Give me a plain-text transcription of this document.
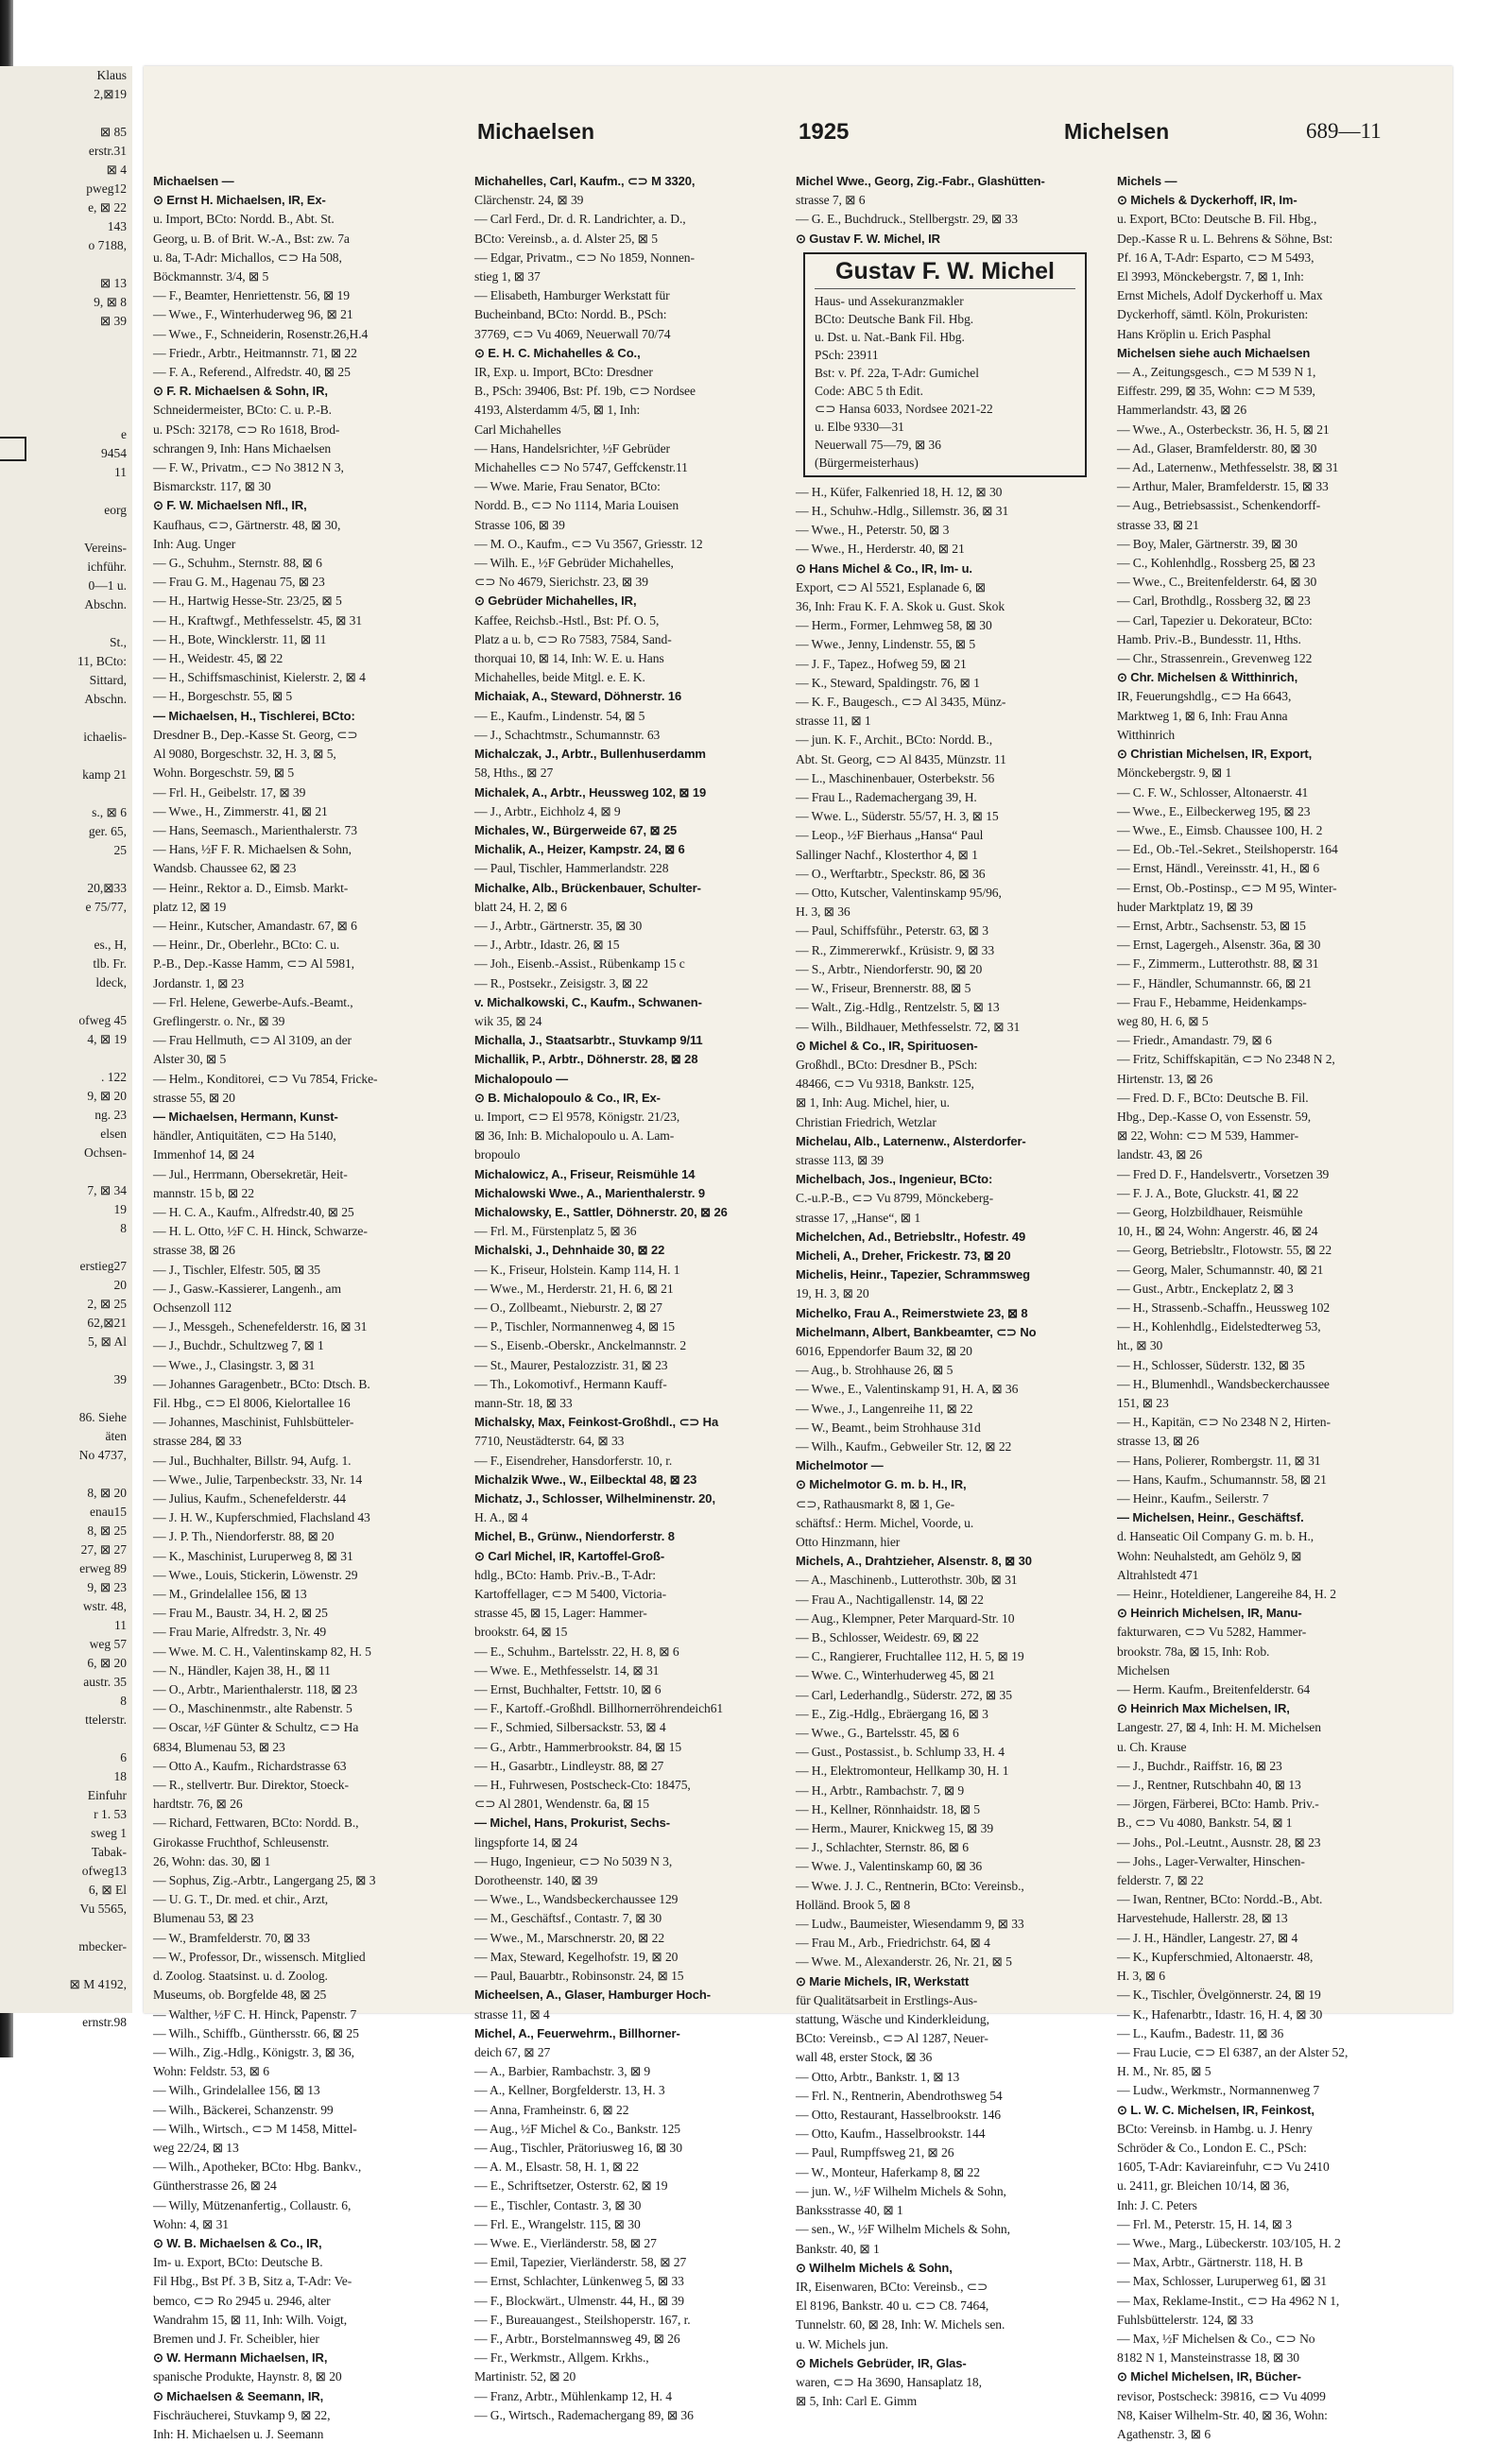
Klaus
2,⊠19

⊠ 85
erstr.31
⊠ 4
pweg12
e, ⊠ 22
143
o 7188,

⊠ 13
9, ⊠ 8
⊠ 39

e
9454
11

eorg

Vereins-
ichführ.
0—1 u.
Abschn.

St.,
11, BCto:
Sittard,
Abschn.

ichaelis-

kamp 21

s., ⊠ 6
ger. 65,
25

20,⊠33
e 75/77,

es., H,
tlb. Fr.
ldeck,

ofweg 45
4, ⊠ 19

. 122
9, ⊠ 20
ng. 23
elsen
Ochsen-

7, ⊠ 34
19
8

erstieg27
20
2, ⊠ 25
62,⊠21
5, ⊠ Al

39

86. Siehe
äten
No 4737,

8, ⊠ 20
enau15
8, ⊠ 25
27, ⊠ 27
erweg 89
9, ⊠ 23
wstr. 48,
11
weg 57
6, ⊠ 20
austr. 35
8
ttelerstr.

6
18
Einfuhr
r 1. 53
sweg 1
Tabak-
ofweg13
6, ⊠ El
Vu 5565,

mbecker-

⊠ M 4192,

ernstr.98
Michaelsen	1925	Michelsen	689—11
Michaelsen —
⊙ Ernst H. Michaelsen, IR, Ex-
u. Import, BCto: Nordd. B., Abt. St.
Georg, u. B. of Brit. W.-A., Bst: zw. 7a
u. 8a, T-Adr: Michallos, ⊂⊃ Ha 508,
Böckmannstr. 3/4, ⊠ 5
— F., Beamter, Henriettenstr. 56, ⊠ 19
— Wwe., F., Winterhuderweg 96, ⊠ 21
— Wwe., F., Schneiderin, Rosenstr.26,H.4
— Friedr., Arbtr., Heitmannstr. 71, ⊠ 22
— F. A., Referend., Alfredstr. 40, ⊠ 25
⊙ F. R. Michaelsen & Sohn, IR,
Schneidermeister, BCto: C. u. P.-B.
u. PSch: 32178, ⊂⊃ Ro 1618, Brod-
schrangen 9, Inh: Hans Michaelsen
— F. W., Privatm., ⊂⊃ No 3812 N 3,
Bismarckstr. 117, ⊠ 30
⊙ F. W. Michaelsen Nfl., IR,
Kaufhaus, ⊂⊃, Gärtnerstr. 48, ⊠ 30,
Inh: Aug. Unger
— G., Schuhm., Sternstr. 88, ⊠ 6
— Frau G. M., Hagenau 75, ⊠ 23
— H., Hartwig Hesse-Str. 23/25, ⊠ 5
— H., Kraftwgf., Methfesselstr. 45, ⊠ 31
— H., Bote, Wincklerstr. 11, ⊠ 11
— H., Weidestr. 45, ⊠ 22
— H., Schiffsmaschinist, Kielerstr. 2, ⊠ 4
— H., Borgeschstr. 55, ⊠ 5
— Michaelsen, H., Tischlerei, BCto:
Dresdner B., Dep.-Kasse St. Georg, ⊂⊃
Al 9080, Borgeschstr. 32, H. 3, ⊠ 5,
Wohn. Borgeschstr. 59, ⊠ 5
— Frl. H., Geibelstr. 17, ⊠ 39
— Wwe., H., Zimmerstr. 41, ⊠ 21
— Hans, Seemasch., Marienthalerstr. 73
— Hans, ½F F. R. Michaelsen & Sohn,
Wandsb. Chaussee 62, ⊠ 23
— Heinr., Rektor a. D., Eimsb. Markt-
platz 12, ⊠ 19
— Heinr., Kutscher, Amandastr. 67, ⊠ 6
— Heinr., Dr., Oberlehr., BCto: C. u.
P.-B., Dep.-Kasse Hamm, ⊂⊃ Al 5981,
Jordanstr. 1, ⊠ 23
— Frl. Helene, Gewerbe-Aufs.-Beamt.,
Greflingerstr. o. Nr., ⊠ 39
— Frau Hellmuth, ⊂⊃ Al 3109, an der
Alster 30, ⊠ 5
— Helm., Konditorei, ⊂⊃ Vu 7854, Fricke-
strasse 55, ⊠ 20
— Michaelsen, Hermann, Kunst-
händler, Antiquitäten, ⊂⊃ Ha 5140,
Immenhof 14, ⊠ 24
— Jul., Herrmann, Obersekretär, Heit-
mannstr. 15 b, ⊠ 22
— H. C. A., Kaufm., Alfredstr.40, ⊠ 25
— H. L. Otto, ½F C. H. Hinck, Schwarze-
strasse 38, ⊠ 26
— J., Tischler, Elfestr. 505, ⊠ 35
— J., Gasw.-Kassierer, Langenh., am
Ochsenzoll 112
— J., Messgeh., Schenefelderstr. 16, ⊠ 31
— J., Buchdr., Schultzweg 7, ⊠ 1
— Wwe., J., Clasingstr. 3, ⊠ 31
— Johannes Garagenbetr., BCto: Dtsch. B.
Fil. Hbg., ⊂⊃ El 8006, Kielortallee 16
— Johannes, Maschinist, Fuhlsbütteler-
strasse 284, ⊠ 33
— Jul., Buchhalter, Billstr. 94, Aufg. 1.
— Wwe., Julie, Tarpenbeckstr. 33, Nr. 14
— Julius, Kaufm., Schenefelderstr. 44
— J. H. W., Kupferschmied, Flachsland 43
— J. P. Th., Niendorferstr. 88, ⊠ 20
— K., Maschinist, Luruperweg 8, ⊠ 31
— Wwe., Louis, Stickerin, Löwenstr. 29
— M., Grindelallee 156, ⊠ 13
— Frau M., Baustr. 34, H. 2, ⊠ 25
— Frau Marie, Alfredstr. 3, Nr. 49
— Wwe. M. C. H., Valentinskamp 82, H. 5
— N., Händler, Kajen 38, H., ⊠ 11
— O., Arbtr., Marienthalerstr. 118, ⊠ 23
— O., Maschinenmstr., alte Rabenstr. 5
— Oscar, ½F Günter & Schultz, ⊂⊃ Ha
6834, Blumenau 53, ⊠ 23
— Otto A., Kaufm., Richardstrasse 63
— R., stellvertr. Bur. Direktor, Stoeck-
hardtstr. 76, ⊠ 26
— Richard, Fettwaren, BCto: Nordd. B.,
Girokasse Fruchthof, Schleusenstr.
26, Wohn: das. 30, ⊠ 1
— Sophus, Zig.-Arbtr., Langergang 25, ⊠ 3
— U. G. T., Dr. med. et chir., Arzt,
Blumenau 53, ⊠ 23
— W., Bramfelderstr. 70, ⊠ 33
— W., Professor, Dr., wissensch. Mitglied
d. Zoolog. Staatsinst. u. d. Zoolog.
Museums, ob. Borgfelde 48, ⊠ 25
— Walther, ½F C. H. Hinck, Papenstr. 7
— Wilh., Schiffb., Günthersstr. 66, ⊠ 25
— Wilh., Zig.-Hdlg., Königstr. 3, ⊠ 36,
Wohn: Feldstr. 53, ⊠ 6
— Wilh., Grindelallee 156, ⊠ 13
— Wilh., Bäckerei, Schanzenstr. 99
— Wilh., Wirtsch., ⊂⊃ M 1458, Mittel-
weg 22/24, ⊠ 13
— Wilh., Apotheker, BCto: Hbg. Bankv.,
Güntherstrasse 26, ⊠ 24
— Willy, Mützenanfertig., Collaustr. 6,
Wohn: 4, ⊠ 31
⊙ W. B. Michaelsen & Co., IR,
Im- u. Export, BCto: Deutsche B.
Fil Hbg., Bst Pf. 3 B, Sitz a, T-Adr: Ve-
bemco, ⊂⊃ Ro 2945 u. 2946, alter
Wandrahm 15, ⊠ 11, Inh: Wilh. Voigt,
Bremen und J. Fr. Scheibler, hier
⊙ W. Hermann Michaelsen, IR,
spanische Produkte, Haynstr. 8, ⊠ 20
⊙ Michaelsen & Seemann, IR,
Fischräucherei, Stuvkamp 9, ⊠ 22,
Inh: H. Michaelsen u. J. Seemann
Michahelles, Carl, Kaufm., ⊂⊃ M 3320,
Clärchenstr. 24, ⊠ 39
— Carl Ferd., Dr. d. R. Landrichter, a. D.,
BCto: Vereinsb., a. d. Alster 25, ⊠ 5
— Edgar, Privatm., ⊂⊃ No 1859, Nonnen-
stieg 1, ⊠ 37
— Elisabeth, Hamburger Werkstatt für
Bucheinband, BCto: Nordd. B., PSch:
37769, ⊂⊃ Vu 4069, Neuerwall 70/74
⊙ E. H. C. Michahelles & Co.,
IR, Exp. u. Import, BCto: Dresdner
B., PSch: 39406, Bst: Pf. 19b, ⊂⊃ Nordsee
4193, Alsterdamm 4/5, ⊠ 1, Inh:
Carl Michahelles
— Hans, Handelsrichter, ½F Gebrüder
Michahelles ⊂⊃ No 5747, Geffckenstr.11
— Wwe. Marie, Frau Senator, BCto:
Nordd. B., ⊂⊃ No 1114, Maria Louisen
Strasse 106, ⊠ 39
— M. O., Kaufm., ⊂⊃ Vu 3567, Griesstr. 12
— Wilh. E., ½F Gebrüder Michahelles,
⊂⊃ No 4679, Sierichstr. 23, ⊠ 39
⊙ Gebrüder Michahelles, IR,
Kaffee, Reichsb.-Hstl., Bst: Pf. O. 5,
Platz a u. b, ⊂⊃ Ro 7583, 7584, Sand-
thorquai 10, ⊠ 14, Inh: W. E. u. Hans
Michahelles, beide Mitgl. e. E. K.
Michaiak, A., Steward, Döhnerstr. 16
— E., Kaufm., Lindenstr. 54, ⊠ 5
— J., Schachtmstr., Schumannstr. 63
Michalczak, J., Arbtr., Bullenhuserdamm
58, Hths., ⊠ 27
Michalek, A., Arbtr., Heussweg 102, ⊠ 19
— J., Arbtr., Eichholz 4, ⊠ 9
Michales, W., Bürgerweide 67, ⊠ 25
Michalik, A., Heizer, Kampstr. 24, ⊠ 6
— Paul, Tischler, Hammerlandstr. 228
Michalke, Alb., Brückenbauer, Schulter-
blatt 24, H. 2, ⊠ 6
— J., Arbtr., Gärtnerstr. 35, ⊠ 30
— J., Arbtr., Idastr. 26, ⊠ 15
— Joh., Eisenb.-Assist., Rübenkamp 15 c
— R., Postsekr., Zeisigstr. 3, ⊠ 22
v. Michalkowski, C., Kaufm., Schwanen-
wik 35, ⊠ 24
Michalla, J., Staatsarbtr., Stuvkamp 9/11
Michallik, P., Arbtr., Döhnerstr. 28, ⊠ 28
Michalopoulo —
⊙ B. Michalopoulo & Co., IR, Ex-
u. Import, ⊂⊃ El 9578, Königstr. 21/23,
⊠ 36, Inh: B. Michalopoulo u. A. Lam-
bropoulo
Michalowicz, A., Friseur, Reismühle 14
Michalowski Wwe., A., Marienthalerstr. 9
Michalowsky, E., Sattler, Döhnerstr. 20, ⊠ 26
— Frl. M., Fürstenplatz 5, ⊠ 36
Michalski, J., Dehnhaide 30, ⊠ 22
— K., Friseur, Holstein. Kamp 114, H. 1
— Wwe., M., Herderstr. 21, H. 6, ⊠ 21
— O., Zollbeamt., Nieburstr. 2, ⊠ 27
— P., Tischler, Normannenweg 4, ⊠ 15
— S., Eisenb.-Oberskr., Anckelmannstr. 2
— St., Maurer, Pestalozzistr. 31, ⊠ 23
— Th., Lokomotivf., Hermann Kauff-
mann-Str. 18, ⊠ 33
Michalsky, Max, Feinkost-Großhdl., ⊂⊃ Ha
7710, Neustädterstr. 64, ⊠ 33
— F., Eisendreher, Hansdorferstr. 10, r.
Michalzik Wwe., W., Eilbecktal 48, ⊠ 23
Michatz, J., Schlosser, Wilhelminenstr. 20,
H. A., ⊠ 4
Michel, B., Grünw., Niendorferstr. 8
⊙ Carl Michel, IR, Kartoffel-Groß-
hdlg., BCto: Hamb. Priv.-B., T-Adr:
Kartoffellager, ⊂⊃ M 5400, Victoria-
strasse 45, ⊠ 15, Lager: Hammer-
brookstr. 64, ⊠ 15
— E., Schuhm., Bartelsstr. 22, H. 8, ⊠ 6
— Wwe. E., Methfesselstr. 14, ⊠ 31
— Ernst, Buchhalter, Fettstr. 10, ⊠ 6
— F., Kartoff.-Großhdl. Billhornerröhrendeich61
— F., Schmied, Silbersackstr. 53, ⊠ 4
— G., Arbtr., Hammerbrookstr. 84, ⊠ 15
— H., Gasarbtr., Lindleystr. 88, ⊠ 27
— H., Fuhrwesen, Postscheck-Cto: 18475,
⊂⊃ Al 2801, Wendenstr. 6a, ⊠ 15
— Michel, Hans, Prokurist, Sechs-
lingspforte 14, ⊠ 24
— Hugo, Ingenieur, ⊂⊃ No 5039 N 3,
Dorotheenstr. 140, ⊠ 39
— Wwe., L., Wandsbeckerchaussee 129
— M., Geschäftsf., Contastr. 7, ⊠ 30
— Wwe., M., Marschnerstr. 20, ⊠ 22
— Max, Steward, Kegelhofstr. 19, ⊠ 20
— Paul, Bauarbtr., Robinsonstr. 24, ⊠ 15
Micheelsen, A., Glaser, Hamburger Hoch-
strasse 11, ⊠ 4
Michel, A., Feuerwehrm., Billhorner-
deich 67, ⊠ 27
— A., Barbier, Rambachstr. 3, ⊠ 9
— A., Kellner, Borgfelderstr. 13, H. 3
— Anna, Framheinstr. 6, ⊠ 22
— Aug., ½F Michel & Co., Bankstr. 125
— Aug., Tischler, Prätoriusweg 16, ⊠ 30
— A. M., Elsastr. 58, H. 1, ⊠ 22
— E., Schriftsetzer, Osterstr. 62, ⊠ 19
— E., Tischler, Contastr. 3, ⊠ 30
— Frl. E., Wrangelstr. 115, ⊠ 30
— Wwe. E., Vierländerstr. 58, ⊠ 27
— Emil, Tapezier, Vierländerstr. 58, ⊠ 27
— Ernst, Schlachter, Lünkenweg 5, ⊠ 33
— F., Blockwärt., Ulmenstr. 44, H., ⊠ 39
— F., Bureauangest., Steilshoperstr. 167, r.
— F., Arbtr., Borstelmannsweg 49, ⊠ 26
— Fr., Werkmstr., Allgem. Krkhs.,
Martinistr. 52, ⊠ 20
— Franz, Arbtr., Mühlenkamp 12, H. 4
— G., Wirtsch., Rademachergang 89, ⊠ 36
Michel Wwe., Georg, Zig.-Fabr., Glashütten-
strasse 7, ⊠ 6
— G. E., Buchdruck., Stellbergstr. 29, ⊠ 33
⊙ Gustav F. W. Michel, IR
Gustav F. W. Michel
Haus- und Assekuranzmakler
BCto: Deutsche Bank Fil. Hbg.
u. Dst. u. Nat.-Bank Fil. Hbg.
PSch: 23911
Bst: v. Pf. 22a, T-Adr: Gumichel
Code: ABC 5 th Edit.
⊂⊃ Hansa 6033, Nordsee 2021-22
u. Elbe 9330—31
Neuerwall 75—79, ⊠ 36
(Bürgermeisterhaus)
— H., Küfer, Falkenried 18, H. 12, ⊠ 30
— H., Schuhw.-Hdlg., Sillemstr. 36, ⊠ 31
— Wwe., H., Peterstr. 50, ⊠ 3
— Wwe., H., Herderstr. 40, ⊠ 21
⊙ Hans Michel & Co., IR, Im- u.
Export, ⊂⊃ Al 5521, Esplanade 6, ⊠
36, Inh: Frau K. F. A. Skok u. Gust. Skok
— Herm., Former, Lehmweg 58, ⊠ 30
— Wwe., Jenny, Lindenstr. 55, ⊠ 5
— J. F., Tapez., Hofweg 59, ⊠ 21
— K., Steward, Spaldingstr. 76, ⊠ 1
— K. F., Baugesch., ⊂⊃ Al 3435, Münz-
strasse 11, ⊠ 1
— jun. K. F., Archit., BCto: Nordd. B.,
Abt. St. Georg, ⊂⊃ Al 8435, Münzstr. 11
— L., Maschinenbauer, Osterbekstr. 56
— Frau L., Rademachergang 39, H.
— Wwe. L., Süderstr. 55/57, H. 3, ⊠ 15
— Leop., ½F Bierhaus „Hansa“ Paul
Sallinger Nachf., Klosterthor 4, ⊠ 1
— O., Werftarbtr., Speckstr. 86, ⊠ 36
— Otto, Kutscher, Valentinskamp 95/96,
H. 3, ⊠ 36
— Paul, Schiffsführ., Peterstr. 63, ⊠ 3
— R., Zimmererwkf., Krüsistr. 9, ⊠ 33
— S., Arbtr., Niendorferstr. 90, ⊠ 20
— W., Friseur, Brennerstr. 88, ⊠ 5
— Walt., Zig.-Hdlg., Rentzelstr. 5, ⊠ 13
— Wilh., Bildhauer, Methfesselstr. 72, ⊠ 31
⊙ Michel & Co., IR, Spirituosen-
Großhdl., BCto: Dresdner B., PSch:
48466, ⊂⊃ Vu 9318, Bankstr. 125,
⊠ 1, Inh: Aug. Michel, hier, u.
Christian Friedrich, Wetzlar
Michelau, Alb., Laternenw., Alsterdorfer-
strasse 113, ⊠ 39
Michelbach, Jos., Ingenieur, BCto:
C.-u.P.-B., ⊂⊃ Vu 8799, Mönckeberg-
strasse 17, „Hanse“, ⊠ 1
Michelchen, Ad., Betriebsltr., Hofestr. 49
Micheli, A., Dreher, Frickestr. 73, ⊠ 20
Michelis, Heinr., Tapezier, Schrammsweg
19, H. 3, ⊠ 20
Michelko, Frau A., Reimerstwiete 23, ⊠ 8
Michelmann, Albert, Bankbeamter, ⊂⊃ No
6016, Eppendorfer Baum 32, ⊠ 20
— Aug., b. Strohhause 26, ⊠ 5
— Wwe., E., Valentinskamp 91, H. A, ⊠ 36
— Wwe., J., Langenreihe 11, ⊠ 22
— W., Beamt., beim Strohhause 31d
— Wilh., Kaufm., Gebweiler Str. 12, ⊠ 22
Michelmotor —
⊙ Michelmotor G. m. b. H., IR,
⊂⊃, Rathausmarkt 8, ⊠ 1, Ge-
schäftsf.: Herm. Michel, Voorde, u.
Otto Hinzmann, hier
Michels, A., Drahtzieher, Alsenstr. 8, ⊠ 30
— A., Maschinenb., Lutterothstr. 30b, ⊠ 31
— Frau A., Nachtigallenstr. 14, ⊠ 22
— Aug., Klempner, Peter Marquard-Str. 10
— B., Schlosser, Weidestr. 69, ⊠ 22
— C., Rangierer, Fruchtallee 112, H. 5, ⊠ 19
— Wwe. C., Winterhuderweg 45, ⊠ 21
— Carl, Lederhandlg., Süderstr. 272, ⊠ 35
— E., Zig.-Hdlg., Ebräergang 16, ⊠ 3
— Wwe., G., Bartelsstr. 45, ⊠ 6
— Gust., Postassist., b. Schlump 33, H. 4
— H., Elektromonteur, Hellkamp 30, H. 1
— H., Arbtr., Rambachstr. 7, ⊠ 9
— H., Kellner, Rönnhaidstr. 18, ⊠ 5
— Herm., Maurer, Knickweg 15, ⊠ 39
— J., Schlachter, Sternstr. 86, ⊠ 6
— Wwe. J., Valentinskamp 60, ⊠ 36
— Wwe. J. J. C., Rentnerin, BCto: Vereinsb.,
Holländ. Brook 5, ⊠ 8
— Ludw., Baumeister, Wiesendamm 9, ⊠ 33
— Frau M., Arb., Friedrichstr. 64, ⊠ 4
— Wwe. M., Alexanderstr. 26, Nr. 21, ⊠ 5
⊙ Marie Michels, IR, Werkstatt
für Qualitätsarbeit in Erstlings-Aus-
stattung, Wäsche und Kinderkleidung,
BCto: Vereinsb., ⊂⊃ Al 1287, Neuer-
wall 48, erster Stock, ⊠ 36
— Otto, Arbtr., Bankstr. 1, ⊠ 13
— Frl. N., Rentnerin, Abendrothsweg 54
— Otto, Restaurant, Hasselbrookstr. 146
— Otto, Kaufm., Hasselbrookstr. 144
— Paul, Rumpffsweg 21, ⊠ 26
— W., Monteur, Haferkamp 8, ⊠ 22
— jun. W., ½F Wilhelm Michels & Sohn,
Banksstrasse 40, ⊠ 1
— sen., W., ½F Wilhelm Michels & Sohn,
Bankstr. 40, ⊠ 1
⊙ Wilhelm Michels & Sohn,
IR, Eisenwaren, BCto: Vereinsb., ⊂⊃
El 8196, Bankstr. 40 u. ⊂⊃ C8. 7464,
Tunnelstr. 60, ⊠ 28, Inh: W. Michels sen.
u. W. Michels jun.
⊙ Michels Gebrüder, IR, Glas-
waren, ⊂⊃ Ha 3690, Hansaplatz 18,
⊠ 5, Inh: Carl E. Gimm
Michels —
⊙ Michels & Dyckerhoff, IR, Im-
u. Export, BCto: Deutsche B. Fil. Hbg.,
Dep.-Kasse R u. L. Behrens & Söhne, Bst:
Pf. 16 A, T-Adr: Esparto, ⊂⊃ M 5493,
El 3993, Mönckebergstr. 7, ⊠ 1, Inh:
Ernst Michels, Adolf Dyckerhoff u. Max
Dyckerhoff, sämtl. Köln, Prokuristen:
Hans Kröplin u. Erich Pasphal
Michelsen siehe auch Michaelsen
— A., Zeitungsgesch., ⊂⊃ M 539 N 1,
Eiffestr. 299, ⊠ 35, Wohn: ⊂⊃ M 539,
Hammerlandstr. 43, ⊠ 26
— Wwe., A., Osterbeckstr. 36, H. 5, ⊠ 21
— Ad., Glaser, Bramfelderstr. 80, ⊠ 30
— Ad., Laternenw., Methfesselstr. 38, ⊠ 31
— Arthur, Maler, Bramfelderstr. 15, ⊠ 33
— Aug., Betriebsassist., Schenkendorff-
strasse 33, ⊠ 21
— Boy, Maler, Gärtnerstr. 39, ⊠ 30
— C., Kohlenhdlg., Rossberg 25, ⊠ 23
— Wwe., C., Breitenfelderstr. 64, ⊠ 30
— Carl, Brothdlg., Rossberg 32, ⊠ 23
— Carl, Tapezier u. Dekorateur, BCto:
Hamb. Priv.-B., Bundesstr. 11, Hths.
— Chr., Strassenrein., Grevenweg 122
⊙ Chr. Michelsen & Witthinrich,
IR, Feuerungshdlg., ⊂⊃ Ha 6643,
Marktweg 1, ⊠ 6, Inh: Frau Anna
Witthinrich
⊙ Christian Michelsen, IR, Export,
Mönckebergstr. 9, ⊠ 1
— C. F. W., Schlosser, Altonaerstr. 41
— Wwe., E., Eilbeckerweg 195, ⊠ 23
— Wwe., E., Eimsb. Chaussee 100, H. 2
— Ed., Ob.-Tel.-Sekret., Steilshoperstr. 164
— Ernst, Händl., Vereinsstr. 41, H., ⊠ 6
— Ernst, Ob.-Postinsp., ⊂⊃ M 95, Winter-
huder Marktplatz 19, ⊠ 39
— Ernst, Arbtr., Sachsenstr. 53, ⊠ 15
— Ernst, Lagergeh., Alsenstr. 36a, ⊠ 30
— F., Zimmerm., Lutterothstr. 88, ⊠ 31
— F., Händler, Schumannstr. 66, ⊠ 21
— Frau F., Hebamme, Heidenkamps-
weg 80, H. 6, ⊠ 5
— Friedr., Amandastr. 79, ⊠ 6
— Fritz, Schiffskapitän, ⊂⊃ No 2348 N 2,
Hirtenstr. 13, ⊠ 26
— Fred. D. F., BCto: Deutsche B. Fil.
Hbg., Dep.-Kasse O, von Essenstr. 59,
⊠ 22, Wohn: ⊂⊃ M 539, Hammer-
landstr. 43, ⊠ 26
— Fred D. F., Handelsvertr., Vorsetzen 39
— F. J. A., Bote, Gluckstr. 41, ⊠ 22
— Georg, Holzbildhauer, Reismühle
10, H., ⊠ 24, Wohn: Angerstr. 46, ⊠ 24
— Georg, Betriebsltr., Flotowstr. 55, ⊠ 22
— Georg, Maler, Schumannstr. 40, ⊠ 21
— Gust., Arbtr., Enckeplatz 2, ⊠ 3
— H., Strassenb.-Schaffn., Heussweg 102
— H., Kohlenhdlg., Eidelstedterweg 53,
ht., ⊠ 30
— H., Schlosser, Süderstr. 132, ⊠ 35
— H., Blumenhdl., Wandsbeckerchaussee
151, ⊠ 23
— H., Kapitän, ⊂⊃ No 2348 N 2, Hirten-
strasse 13, ⊠ 26
— Hans, Polierer, Rombergstr. 11, ⊠ 31
— Hans, Kaufm., Schumannstr. 58, ⊠ 21
— Heinr., Kaufm., Seilerstr. 7
— Michelsen, Heinr., Geschäftsf.
d. Hanseatic Oil Company G. m. b. H.,
Wohn: Neuhalstedt, am Gehölz 9, ⊠
Altrahlstedt 471
— Heinr., Hoteldiener, Langereihe 84, H. 2
⊙ Heinrich Michelsen, IR, Manu-
fakturwaren, ⊂⊃ Vu 5282, Hammer-
brookstr. 78a, ⊠ 15, Inh: Rob.
Michelsen
— Herm. Kaufm., Breitenfelderstr. 64
⊙ Heinrich Max Michelsen, IR,
Langestr. 27, ⊠ 4, Inh: H. M. Michelsen
u. Ch. Krause
— J., Buchdr., Raiffstr. 16, ⊠ 23
— J., Rentner, Rutschbahn 40, ⊠ 13
— Jörgen, Färberei, BCto: Hamb. Priv.-
B., ⊂⊃ Vu 4080, Bankstr. 54, ⊠ 1
— Johs., Pol.-Leutnt., Ausnstr. 28, ⊠ 23
— Johs., Lager-Verwalter, Hinschen-
felderstr. 7, ⊠ 22
— Iwan, Rentner, BCto: Nordd.-B., Abt.
Harvestehude, Hallerstr. 28, ⊠ 13
— J. H., Händler, Langestr. 27, ⊠ 4
— K., Kupferschmied, Altonaerstr. 48,
H. 3, ⊠ 6
— K., Tischler, Övelgönnerstr. 24, ⊠ 19
— K., Hafenarbtr., Idastr. 16, H. 4, ⊠ 30
— L., Kaufm., Badestr. 11, ⊠ 36
— Frau Lucie, ⊂⊃ El 6387, an der Alster 52,
H. M., Nr. 85, ⊠ 5
— Ludw., Werkmstr., Normannenweg 7
⊙ L. W. C. Michelsen, IR, Feinkost,
BCto: Vereinsb. in Hambg. u. J. Henry
Schröder & Co., London E. C., PSch:
1605, T-Adr: Kaviareinfuhr, ⊂⊃ Vu 2410
u. 2411, gr. Bleichen 10/14, ⊠ 36,
Inh: J. C. Peters
— Frl. M., Peterstr. 15, H. 14, ⊠ 3
— Wwe., Marg., Lübeckerstr. 103/105, H. 2
— Max, Arbtr., Gärtnerstr. 118, H. B
— Max, Schlosser, Luruperweg 61, ⊠ 31
— Max, Reklame-Instit., ⊂⊃ Ha 4962 N 1,
Fuhlsbüttelerstr. 124, ⊠ 33
— Max, ½F Michelsen & Co., ⊂⊃ No
8182 N 1, Mansteinstrasse 18, ⊠ 30
⊙ Michel Michelsen, IR, Bücher-
revisor, Postscheck: 39816, ⊂⊃ Vu 4099
N8, Kaiser Wilhelm-Str. 40, ⊠ 36, Wohn:
Agathenstr. 3, ⊠ 6
